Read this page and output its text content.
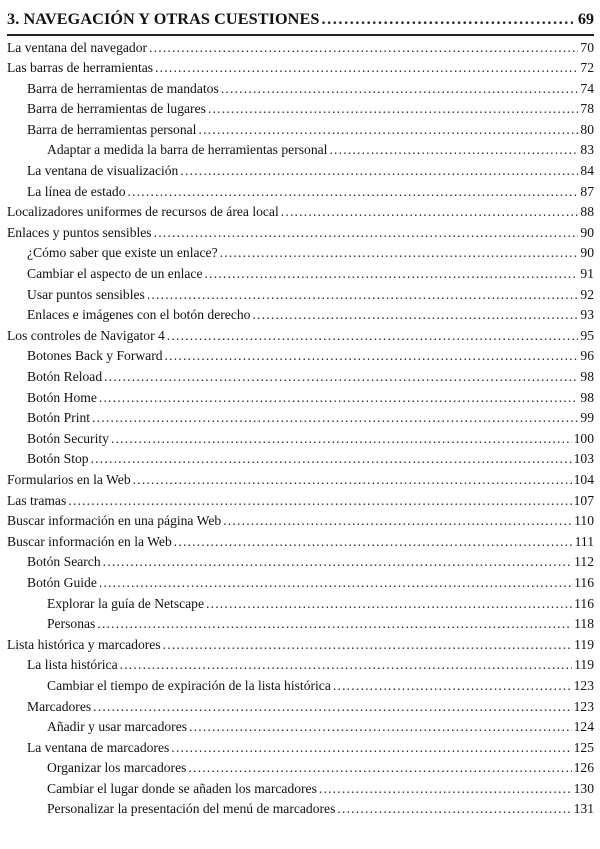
3. NAVEGACIÓN Y OTRAS CUESTIONES .....	69
La ventana del navegador .....	70
Las barras de herramientas .....	72
Barra de herramientas de mandatos .....	74
Barra de herramientas de lugares .....	78
Barra de herramientas personal .....	80
Adaptar a medida la barra de herramientas personal .....	83
La ventana de visualización .....	84
La línea de estado .....	87
Localizadores uniformes de recursos de área local .....	88
Enlaces y puntos sensibles .....	90
¿Cómo saber que existe un enlace? .....	90
Cambiar el aspecto de un enlace .....	91
Usar puntos sensibles .....	92
Enlaces e imágenes con el botón derecho .....	93
Los controles de Navigator 4 .....	95
Botones Back y Forward .....	96
Botón Reload .....	98
Botón Home .....	98
Botón Print .....	99
Botón Security .....	100
Botón Stop .....	103
Formularios en la Web .....	104
Las tramas .....	107
Buscar información en una página Web .....	110
Buscar información en la Web .....	111
Botón Search .....	112
Botón Guide .....	116
Explorar la guía de Netscape .....	116
Personas .....	118
Lista histórica y marcadores .....	119
La lista histórica .....	119
Cambiar el tiempo de expiración de la lista histórica .....	123
Marcadores .....	123
Añadir y usar marcadores .....	124
La ventana de marcadores .....	125
Organizar los marcadores .....	126
Cambiar el lugar donde se añaden los marcadores .....	130
Personalizar la presentación del menú de marcadores .....	131
